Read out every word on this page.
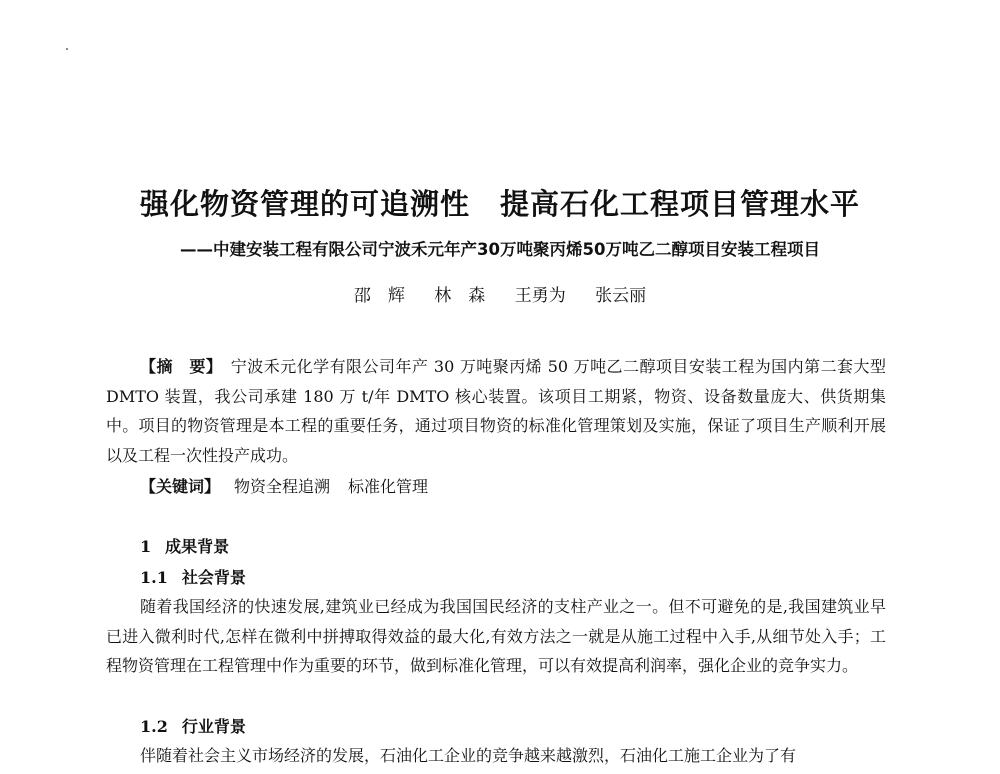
强化物资管理的可追溯性 提高石化工程项目管理水平
——中建安装工程有限公司宁波禾元年产30万吨聚丙烯50万吨乙二醇项目安装工程项目
邵　辉 林　森 王勇为 张云丽
【摘　要】　 宁波禾元化学有限公司年产 30 万吨聚丙烯 50 万吨乙二醇项目安装工程为国内第二套大型 DMTO 装置，我公司承建 180 万 t/年 DMTO 核心装置。该项目工期紧，物资、设备数量庞大、供货期集中。项目的物资管理是本工程的重要任务，通过项目物资的标准化管理策划及实施，保证了项目生产顺利开展以及工程一次性投产成功。
【关键词】 物资全程追溯 标准化管理
1 成果背景
1.1 社会背景
随着我国经济的快速发展,建筑业已经成为我国国民经济的支柱产业之一。但不可避免的是,我国建筑业早已进入微利时代,怎样在微利中拼搏取得效益的最大化,有效方法之一就是从施工过程中入手,从细节处入手；工程物资管理在工程管理中作为重要的环节，做到标准化管理，可以有效提高利润率，强化企业的竞争实力。
1.2 行业背景
伴随着社会主义市场经济的发展，石油化工企业的竞争越来越激烈，石油化工施工企业为了有
